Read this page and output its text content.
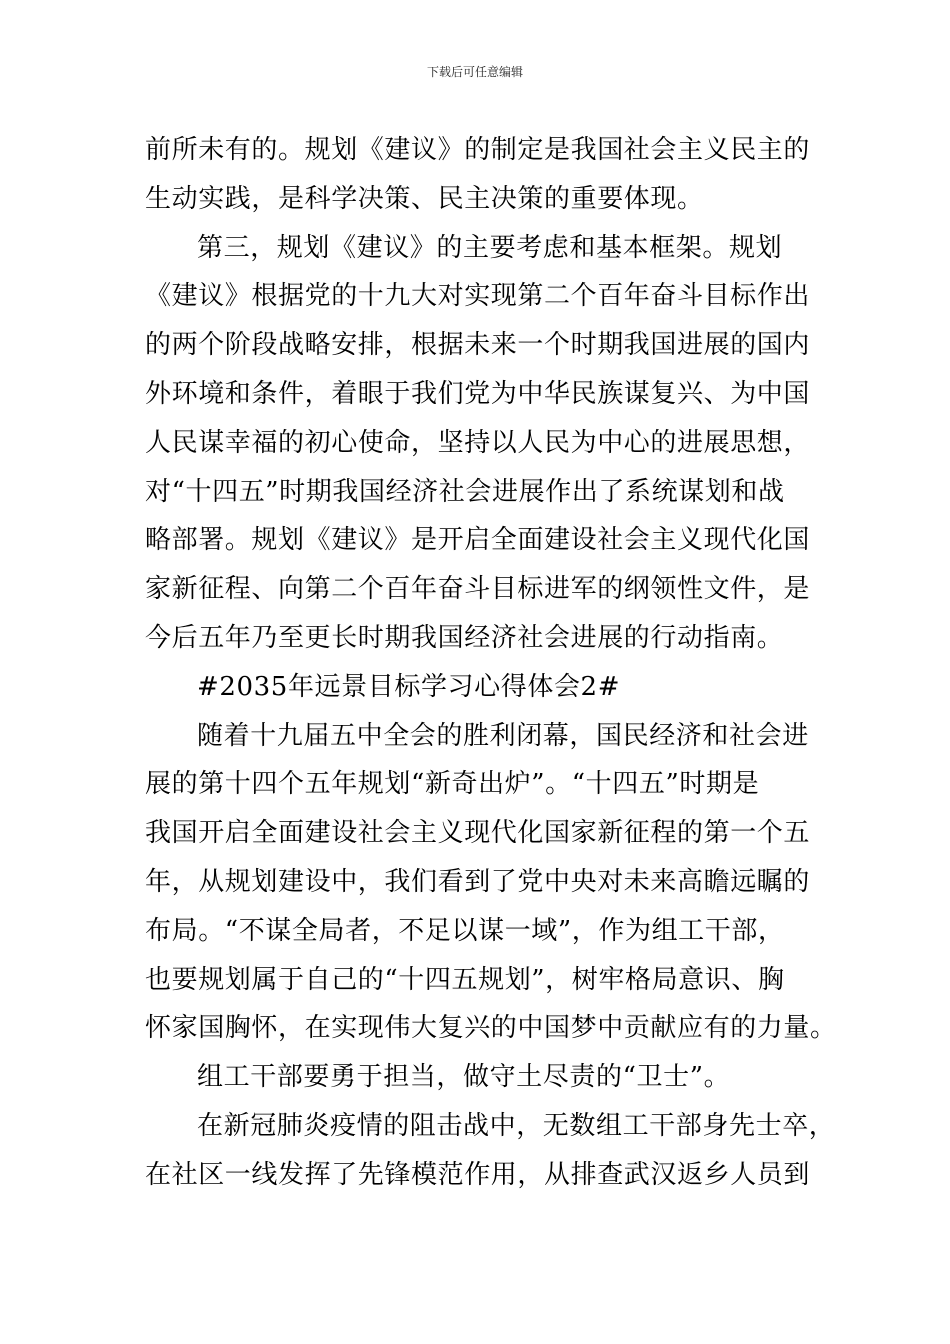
下载后可任意编辑
前所未有的。规划《建议》的制定是我国社会主义民主的
生动实践，是科学决策、民主决策的重要体现。
第三，规划《建议》的主要考虑和基本框架。规划
《建议》根据党的十九大对实现第二个百年奋斗目标作出
的两个阶段战略安排，根据未来一个时期我国进展的国内
外环境和条件，着眼于我们党为中华民族谋复兴、为中国
人民谋幸福的初心使命，坚持以人民为中心的进展思想，
对“十四五”时期我国经济社会进展作出了系统谋划和战
略部署。规划《建议》是开启全面建设社会主义现代化国
家新征程、向第二个百年奋斗目标进军的纲领性文件，是
今后五年乃至更长时期我国经济社会进展的行动指南。
#2035年远景目标学习心得体会2#
随着十九届五中全会的胜利闭幕，国民经济和社会进
展的第十四个五年规划“新奇出炉”。“十四五”时期是
我国开启全面建设社会主义现代化国家新征程的第一个五
年，从规划建设中，我们看到了党中央对未来高瞻远瞩的
布局。“不谋全局者，不足以谋一域”，作为组工干部，
也要规划属于自己的“十四五规划”，树牢格局意识、胸
怀家国胸怀，在实现伟大复兴的中国梦中贡献应有的力量。
组工干部要勇于担当，做守土尽责的“卫士”。
在新冠肺炎疫情的阻击战中，无数组工干部身先士卒，
在社区一线发挥了先锋模范作用，从排查武汉返乡人员到
